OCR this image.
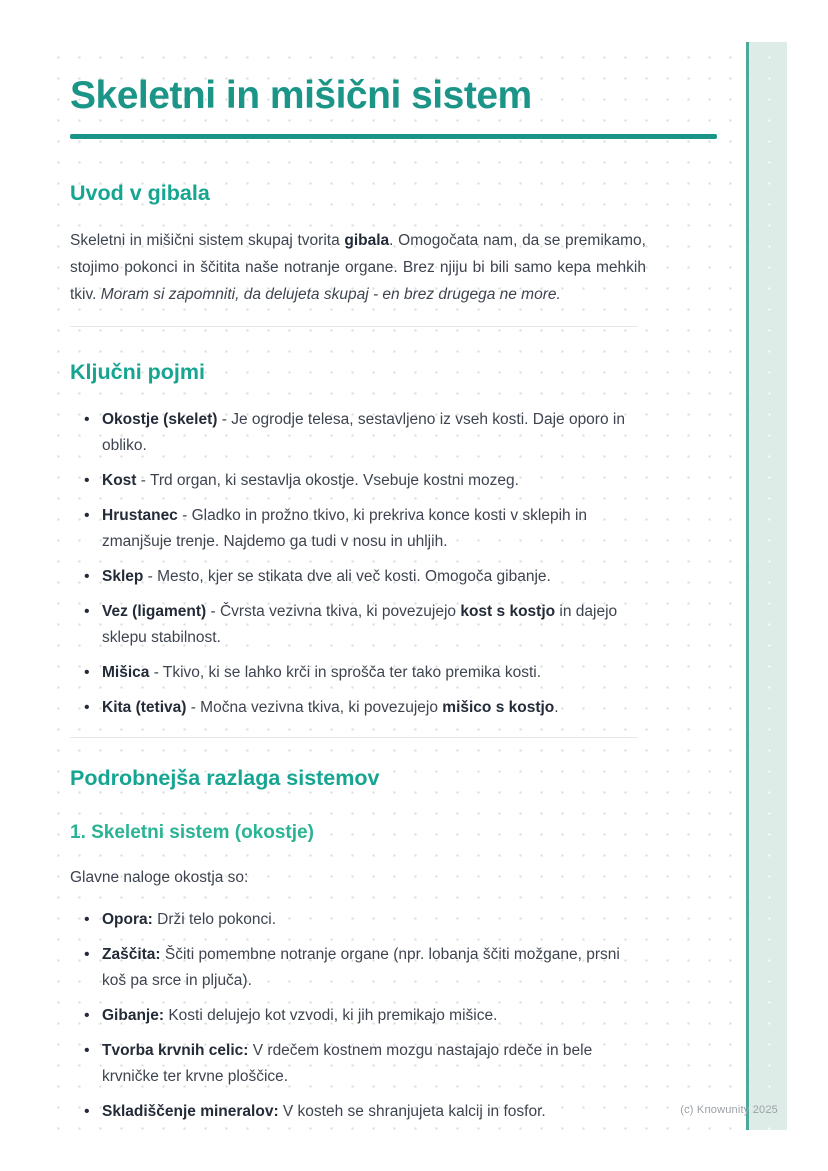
Skeletni in mišični sistem
Uvod v gibala

Skeletni in mišični sistem skupaj tvorita gibala. Omogočata nam, da se premikamo, stojimo pokonci in ščitita naše notranje organe. Brez njiju bi bili samo kepa mehkih tkiv. Moram si zapomniti, da delujeta skupaj - en brez drugega ne more.

Ključni pojmi
• Okostje (skelet) - Je ogrodje telesa, sestavljeno iz vseh kosti. Daje oporo in obliko.
• Kost - Trd organ, ki sestavlja okostje. Vsebuje kostni mozeg.
• Hrustanec - Gladko in prožno tkivo, ki prekriva konce kosti v sklepih in zmanjšuje trenje. Najdemo ga tudi v nosu in uhljih.
• Sklep - Mesto, kjer se stikata dve ali več kosti. Omogoča gibanje.
• Vez (ligament) - Čvrsta vezivna tkiva, ki povezujejo kost s kostjo in dajejo sklepu stabilnost.
• Mišica - Tkivo, ki se lahko krči in sprošča ter tako premika kosti.
• Kita (tetiva) - Močna vezivna tkiva, ki povezujejo mišico s kostjo.
Podrobnejša razlaga sistemov
1. Skeletni sistem (okostje)

Glavne naloge okostja so:

• Opora: Drži telo pokonci.
• Zaščita: Ščiti pomembne notranje organe (npr. lobanja ščiti možgane, prsni koš pa srce in pljuča).
• Gibanje: Kosti delujejo kot vzvodi, ki jih premikajo mišice.
• Tvorba krvnih celic: V rdečem kostnem mozgu nastajajo rdeče in bele krvničke ter krvne ploščice.
• Skladiščenje mineralov: V kosteh se shranjujeta kalcij in fosfor.	(c) Knowunity 2025
